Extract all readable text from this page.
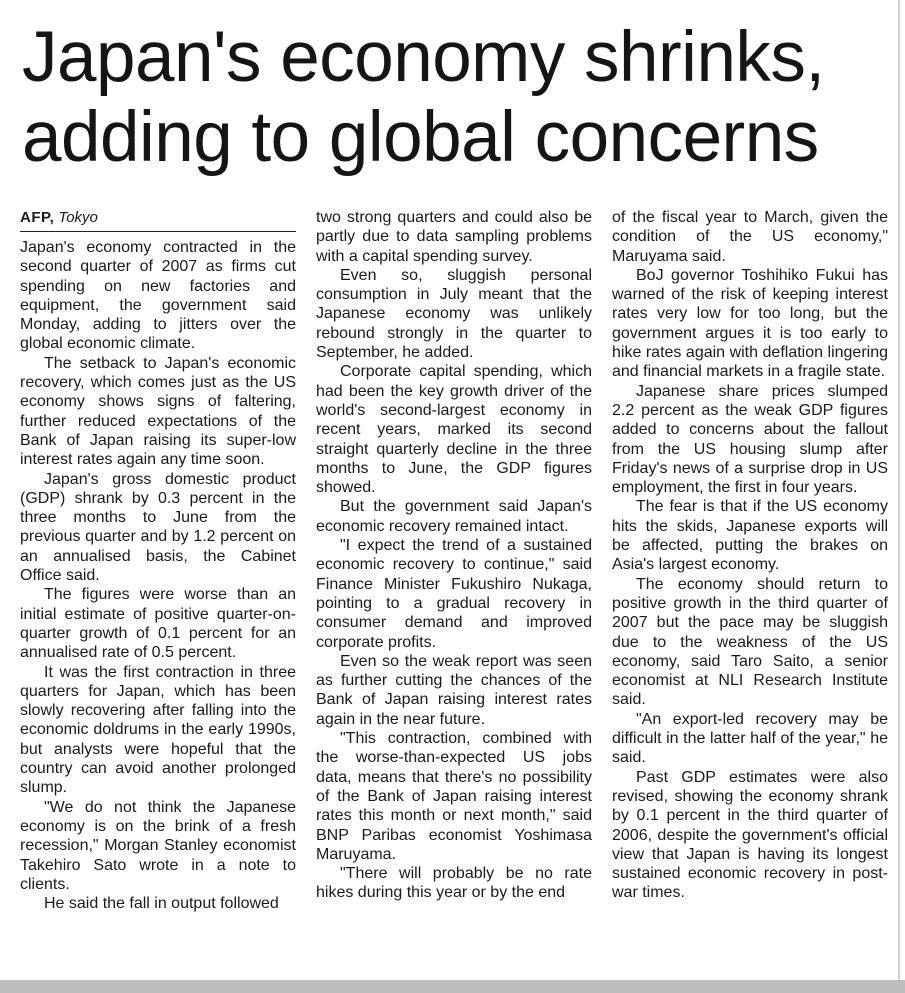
Japan's economy shrinks,
adding to global concerns
AFP, Tokyo

Japan's economy contracted in the second quarter of 2007 as firms cut spending on new factories and equipment, the government said Monday, adding to jitters over the global economic climate.

The setback to Japan's economic recovery, which comes just as the US economy shows signs of faltering, further reduced expectations of the Bank of Japan raising its super-low interest rates again any time soon.

Japan's gross domestic product (GDP) shrank by 0.3 percent in the three months to June from the previous quarter and by 1.2 percent on an annualised basis, the Cabinet Office said.

The figures were worse than an initial estimate of positive quarter-on-quarter growth of 0.1 percent for an annualised rate of 0.5 percent.

It was the first contraction in three quarters for Japan, which has been slowly recovering after falling into the economic doldrums in the early 1990s, but analysts were hopeful that the country can avoid another prolonged slump.

"We do not think the Japanese economy is on the brink of a fresh recession," Morgan Stanley economist Takehiro Sato wrote in a note to clients.

He said the fall in output followed

two strong quarters and could also be partly due to data sampling problems with a capital spending survey.

Even so, sluggish personal consumption in July meant that the Japanese economy was unlikely rebound strongly in the quarter to September, he added.

Corporate capital spending, which had been the key growth driver of the world's second-largest economy in recent years, marked its second straight quarterly decline in the three months to June, the GDP figures showed.

But the government said Japan's economic recovery remained intact.

"I expect the trend of a sustained economic recovery to continue," said Finance Minister Fukushiro Nukaga, pointing to a gradual recovery in consumer demand and improved corporate profits.

Even so the weak report was seen as further cutting the chances of the Bank of Japan raising interest rates again in the near future.

"This contraction, combined with the worse-than-expected US jobs data, means that there's no possibility of the Bank of Japan raising interest rates this month or next month," said BNP Paribas economist Yoshimasa Maruyama.

"There will probably be no rate hikes during this year or by the end

of the fiscal year to March, given the condition of the US economy," Maruyama said.

BoJ governor Toshihiko Fukui has warned of the risk of keeping interest rates very low for too long, but the government argues it is too early to hike rates again with deflation lingering and financial markets in a fragile state.

Japanese share prices slumped 2.2 percent as the weak GDP figures added to concerns about the fallout from the US housing slump after Friday's news of a surprise drop in US employment, the first in four years.

The fear is that if the US economy hits the skids, Japanese exports will be affected, putting the brakes on Asia's largest economy.

The economy should return to positive growth in the third quarter of 2007 but the pace may be sluggish due to the weakness of the US economy, said Taro Saito, a senior economist at NLI Research Institute said.

"An export-led recovery may be difficult in the latter half of the year," he said.

Past GDP estimates were also revised, showing the economy shrank by 0.1 percent in the third quarter of 2006, despite the government's official view that Japan is having its longest sustained economic recovery in post-war times.
